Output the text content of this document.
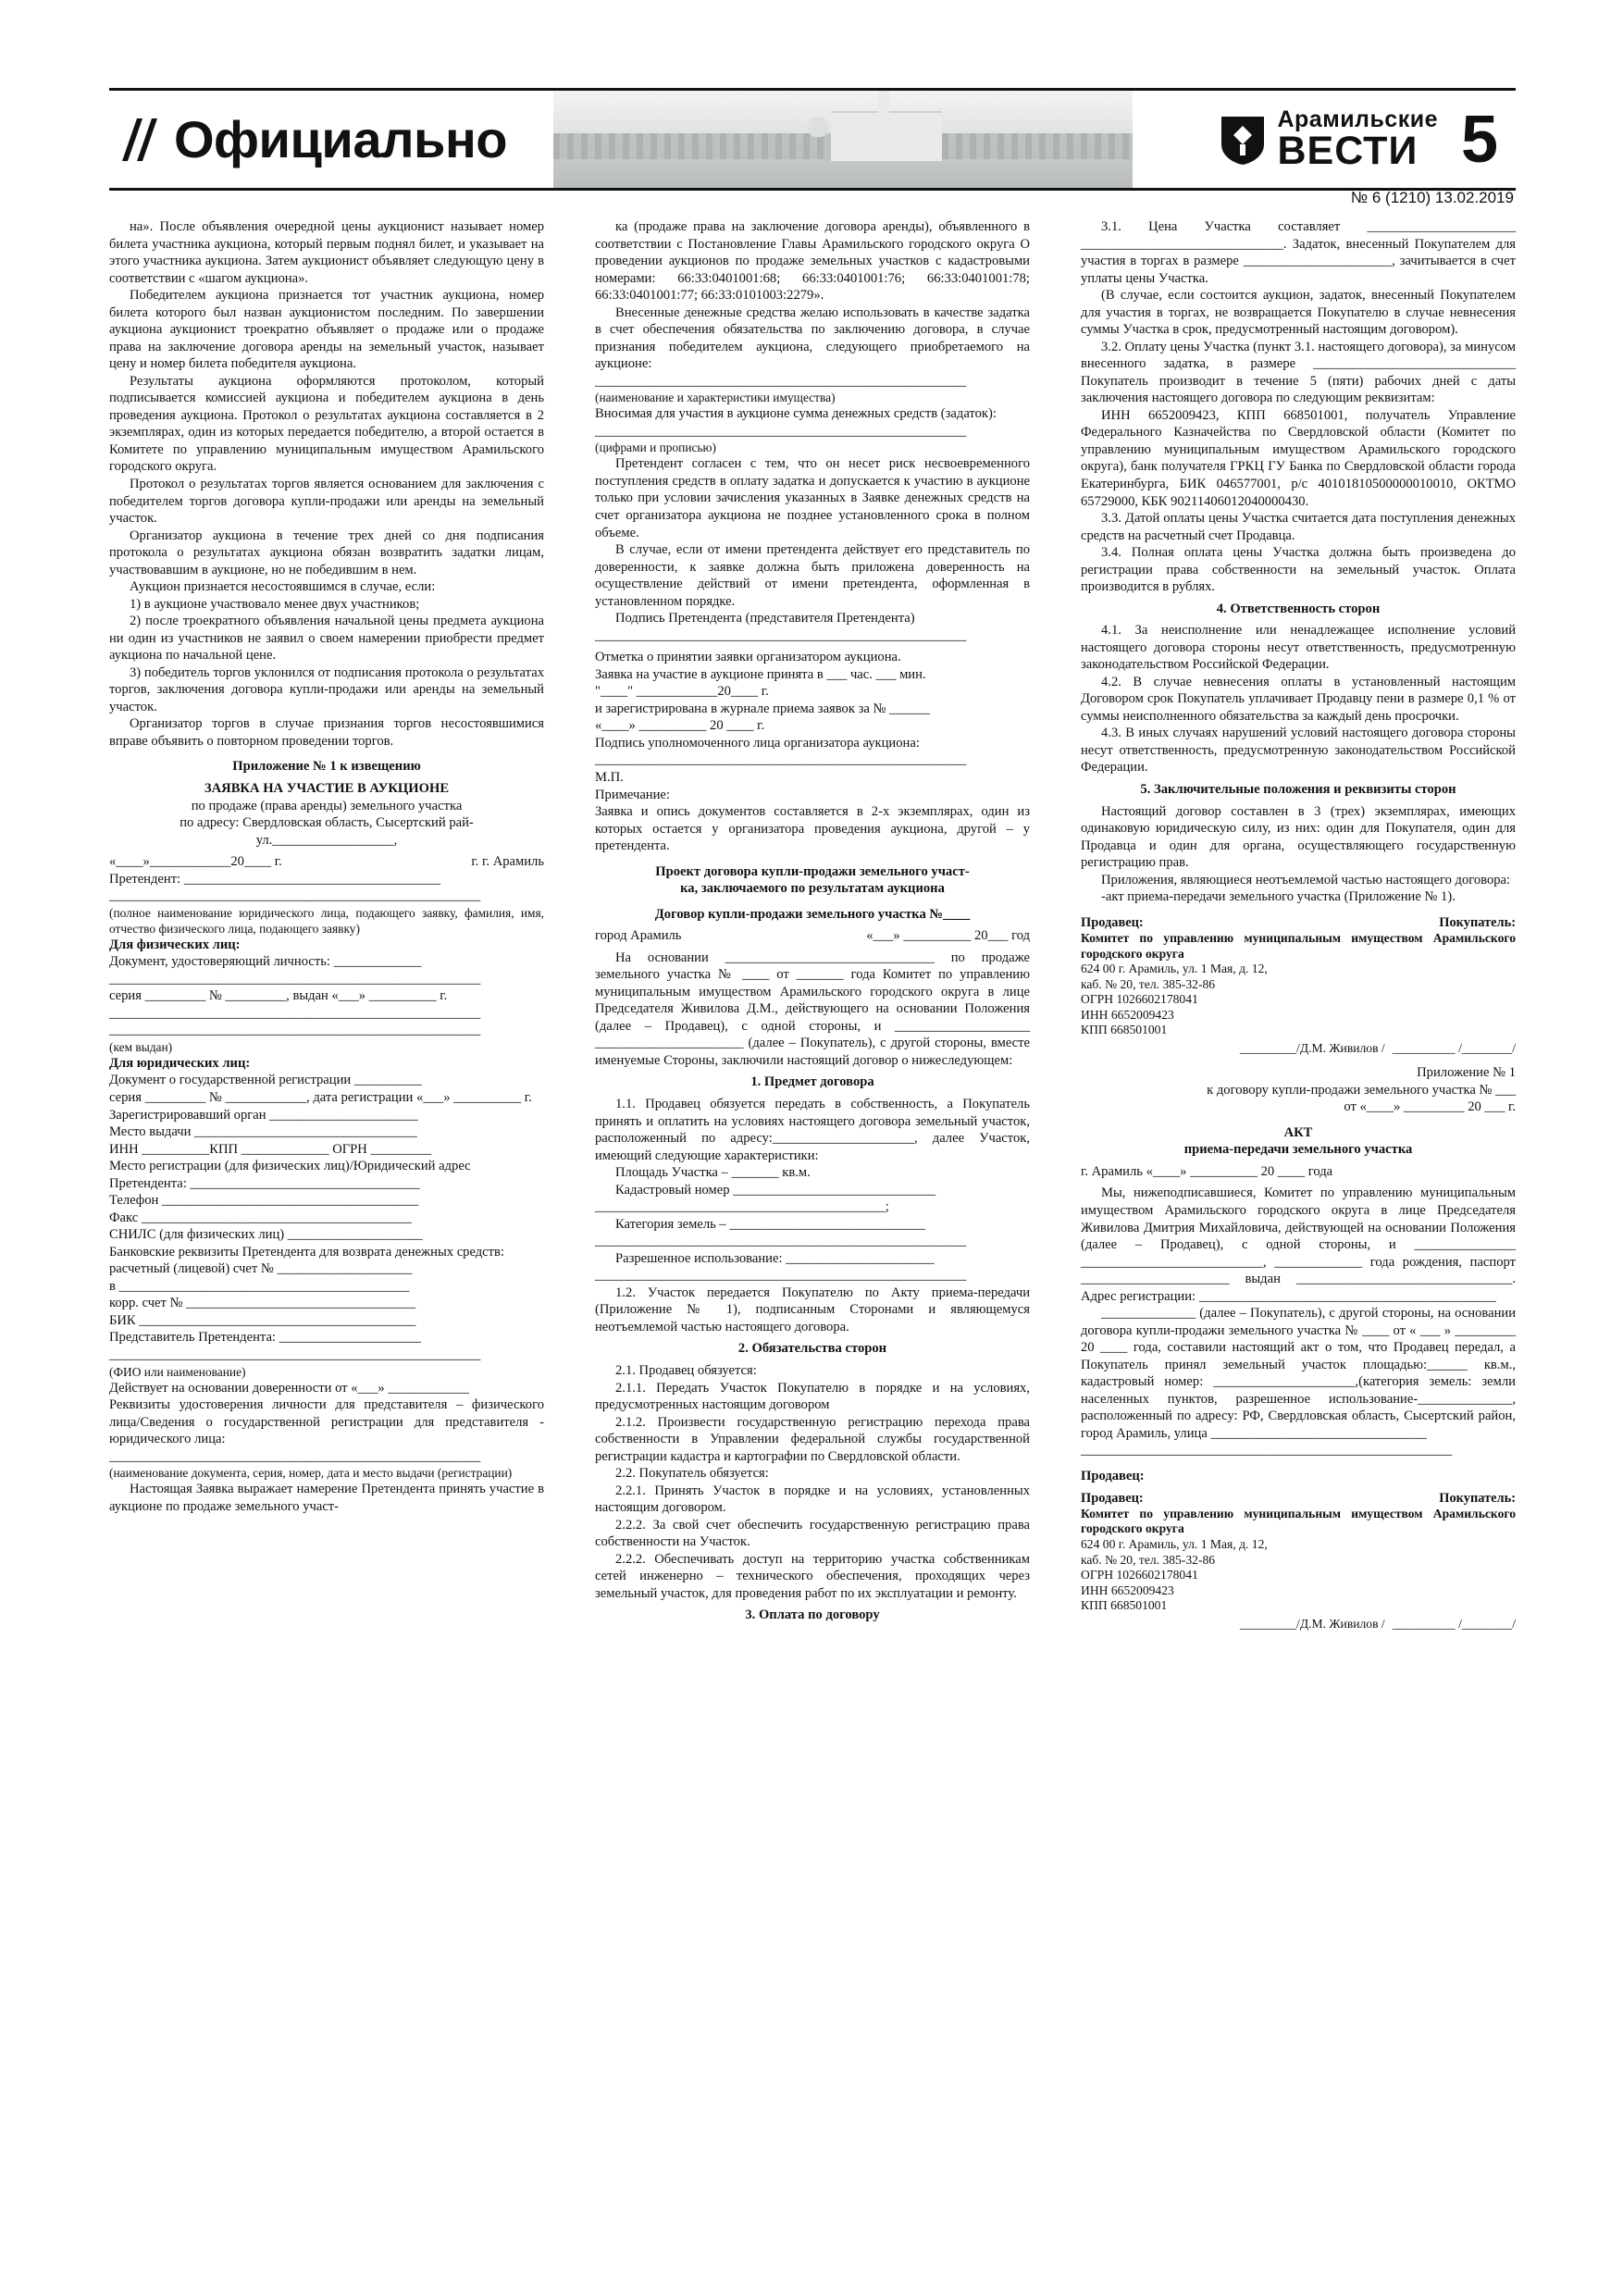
Официально	Арамильские
ВЕСТИ 5
№ 6 (1210) 13.02.2019

на». После объявления очередной цены аукционист называет номер билета участника аукциона, который первым поднял билет, и указывает на этого участника аукциона. Затем аукционист объявляет следующую цену в соответствии с «шагом аукциона».

Победителем аукциона признается тот участник аукциона, номер билета которого был назван аукционистом последним. По завершении аукциона аукционист троекратно объявляет о продаже или о продаже права на заключение договора аренды на земельный участок, называет цену и номер билета победителя аукциона.

Результаты аукциона оформляются протоколом, который подписывается комиссией аукциона и победителем аукциона в день проведения аукциона. Протокол о результатах аукциона составляется в 2 экземплярах, один из которых передается победителю, а второй остается в Комитете по управлению муниципальным имуществом Арамильского городского округа.

Протокол о результатах торгов является основанием для заключения с победителем торгов договора купли-продажи или аренды на земельный участок.

Организатор аукциона в течение трех дней со дня подписания протокола о результатах аукциона обязан возвратить задатки лицам, участвовавшим в аукционе, но не победившим в нем.

Аукцион признается несостоявшимся в случае, если:

1) в аукционе участвовало менее двух участников;

2) после троекратного объявления начальной цены предмета аукциона ни один из участников не заявил о своем намерении приобрести предмет аукциона по начальной цене.

3) победитель торгов уклонился от подписания протокола о результатах торгов, заключения договора купли-продажи или аренды на земельный участок.

Организатор торгов в случае признания торгов несостоявшимися вправе объявить о повторном проведении торгов.

Приложение № 1 к извещению

ЗАЯВКА НА УЧАСТИЕ В АУКЦИОНЕ

по продаже (права аренды) земельного участка

по адресу: Свердловская область, Сысертский рай-

ул.__________________,

«____»____________20____ г.	г. г. Арамиль

Претендент: ______________________________________

_______________________________________________________

(полное наименование юридического лица, подающего заявку, фамилия, имя, отчество физического лица, подающего заявку)

Для физических лиц:

Документ, удостоверяющий личность: _____________

_______________________________________________________

серия _________ № _________, выдан «___» __________ г.

_______________________________________________________

_______________________________________________________

(кем выдан)

Для юридических лиц:

Документ о государственной регистрации __________

серия _________ № ____________, дата регистрации «___» __________ г.

Зарегистрировавший орган ______________________

Место выдачи _________________________________

ИНН __________КПП _____________ ОГРН _________

Место регистрации (для физических лиц)/Юридический адрес

Претендента: __________________________________

Телефон ______________________________________

Факс ________________________________________

СНИЛС (для физических лиц) ____________________

Банковские реквизиты Претендента для возврата денежных средств:

расчетный (лицевой) счет № ____________________

в ___________________________________________

корр. счет № __________________________________

БИК _________________________________________

Представитель Претендента: _____________________

_______________________________________________________

(ФИО или наименование)

Действует на основании доверенности от «___» ____________

Реквизиты удостоверения личности для представителя – физического лица/Сведения о государственной регистрации для представителя - юридического лица:

_______________________________________________________

(наименование документа, серия, номер, дата и место выдачи (регистрации)

Настоящая Заявка выражает намерение Претендента принять участие в аукционе по продаже земельного участ-

ка (продаже права на заключение договора аренды), объявленного в соответствии с Постановление Главы Арамильского городского округа О проведении аукционов по продаже земельных участков с кадастровыми номерами: 66:33:0401001:68; 66:33:0401001:76; 66:33:0401001:78; 66:33:0401001:77; 66:33:0101003:2279».

Внесенные денежные средства желаю использовать в качестве задатка в счет обеспечения обязательства по заключению договора, в случае признания победителем аукциона, следующего приобретаемого на аукционе:

_______________________________________________________

(наименование и характеристики имущества)

Вносимая для участия в аукционе сумма денежных средств (задаток):

_______________________________________________________

(цифрами и прописью)

Претендент согласен с тем, что он несет риск несвоевременного поступления средств в оплату задатка и допускается к участию в аукционе только при условии зачисления указанных в Заявке денежных средств на счет организатора аукциона не позднее установленного срока в полном объеме.

В случае, если от имени претендента действует его представитель по доверенности, к заявке должна быть приложена доверенность на осуществление действий от имени претендента, оформленная в установленном порядке.

Подпись Претендента (представителя Претендента)

_______________________________________________________

Отметка о принятии заявки организатором аукциона.

Заявка на участие в аукционе принята в ___ час. ___ мин.

"____" ____________20____ г.

и зарегистрирована в журнале приема заявок за № ______

«____» __________ 20 ____ г.

Подпись уполномоченного лица организатора аукциона:

_______________________________________________________

М.П.

Примечание:

Заявка и опись документов составляется в 2-х экземплярах, один из которых остается у организатора проведения аукциона, другой – у претендента.

Проект договора купли-продажи земельного участ-

ка, заключаемого по результатам аукциона

Договор купли-продажи земельного участка №____

город Арамиль	«___» __________ 20___ год

На основании _______________________________ по продаже земельного участка № ____ от _______ года Комитет по управлению муниципальным имуществом Арамильского городского округа в лице Председателя Живилова Д.М., действующего на основании Положения (далее – Продавец), с одной стороны, и ____________________ ______________________ (далее – Покупатель), с другой стороны, вместе именуемые Стороны, заключили настоящий договор о нижеследующем:

1. Предмет договора

1.1. Продавец обязуется передать в собственность, а Покупатель принять и оплатить на условиях настоящего договора земельный участок, расположенный по адресу:_____________________, далее Участок, имеющий следующие характеристики:

Площадь Участка – _______ кв.м.

Кадастровый номер ______________________________

___________________________________________;

Категория земель – _____________________________

_______________________________________________________

Разрешенное использование: ______________________

_______________________________________________________

1.2. Участок передается Покупателю по Акту приема-передачи (Приложение № 1), подписанным Сторонами и являющемуся неотъемлемой частью настоящего договора.

2. Обязательства сторон

2.1. Продавец обязуется:

2.1.1. Передать Участок Покупателю в порядке и на условиях, предусмотренных настоящим договором

2.1.2. Произвести государственную регистрацию перехода права собственности в Управлении федеральной службы государственной регистрации кадастра и картографии по Свердловской области.

2.2. Покупатель обязуется:

2.2.1. Принять Участок в порядке и на условиях, установленных настоящим договором.

2.2.2. За свой счет обеспечить государственную регистрацию права собственности на Участок.

2.2.2. Обеспечивать доступ на территорию участка собственникам сетей инженерно – технического обеспечения, проходящих через земельный участок, для проведения работ по их эксплуатации и ремонту.

3. Оплата по договору

3.1. Цена Участка составляет ______________________ ______________________________. Задаток, внесенный Покупателем для участия в торгах в размере ______________________, зачитывается в счет уплаты цены Участка.

(В случае, если состоится аукцион, задаток, внесенный Покупателем для участия в торгах, не возвращается Покупателю в случае невнесения суммы Участка в срок, предусмотренный настоящим договором).

3.2. Оплату цены Участка (пункт 3.1. настоящего договора), за минусом внесенного задатка, в размере ______________________________ Покупатель производит в течение 5 (пяти) рабочих дней с даты заключения настоящего договора по следующим реквизитам:

ИНН 6652009423, КПП 668501001, получатель Управление Федерального Казначейства по Свердловской области (Комитет по управлению муниципальным имуществом Арамильского городского округа), банк получателя ГРКЦ ГУ Банка по Свердловской области города Екатеринбурга, БИК 046577001, р/с 40101810500000010010, ОКТМО 65729000, КБК 90211406012040000430.

3.3. Датой оплаты цены Участка считается дата поступления денежных средств на расчетный счет Продавца.

3.4. Полная оплата цены Участка должна быть произведена до регистрации права собственности на земельный участок. Оплата производится в рублях.

4. Ответственность сторон

4.1. За неисполнение или ненадлежащее исполнение условий настоящего договора стороны несут ответственность, предусмотренную законодательством Российской Федерации.

4.2. В случае невнесения оплаты в установленный настоящим Договором срок Покупатель уплачивает Продавцу пени в размере 0,1 % от суммы неисполненного обязательства за каждый день просрочки.

4.3. В иных случаях нарушений условий настоящего договора стороны несут ответственность, предусмотренную законодательством Российской Федерации.

5. Заключительные положения и реквизиты сторон

Настоящий договор составлен в 3 (трех) экземплярах, имеющих одинаковую юридическую силу, из них: один для Покупателя, один для Продавца и один для органа, осуществляющего государственную регистрацию прав.

Приложения, являющиеся неотъемлемой частью настоящего договора:

-акт приема-передачи земельного участка (Приложение № 1).

Продавец:	Покупатель:

Комитет по управлению муниципальным имуществом Арамильского городского округа

624 00 г. Арамиль, ул. 1 Мая, д. 12,

каб. № 20, тел. 385-32-86

ОГРН 1026602178041

ИНН 6652009423

КПП 668501001

_________/Д.М. Живилов / __________ /________/

Приложение № 1

к договору купли-продажи земельного участка № ___

от «____» _________ 20 ___ г.

АКТ

приема-передачи земельного участка

г. Арамиль «____» __________ 20 ____ года

Мы, нижеподписавшиеся, Комитет по управлению муниципальным имуществом Арамильского городского округа в лице Председателя Живилова Дмитрия Михайловича, действующей на основании Положения (далее – Продавец), с одной стороны, и _______________ ___________________________, _____________ года рождения, паспорт ______________________ выдан ________________________________. Адрес регистрации: ____________________________________________

______________ (далее – Покупатель), с другой стороны, на основании договора купли-продажи земельного участка № ____ от « ___ » _________ 20 ____ года, составили настоящий акт о том, что Продавец передал, а Покупатель принял земельный участок площадью:______ кв.м., кадастровый номер: _____________________,(категория земель: земли населенных пунктов, разрешенное использование-______________, расположенный по адресу: РФ, Свердловская область, Сысертский район, город Арамиль, улица ________________________________

_______________________________________________________

Продавец:

Продавец:	Покупатель:

Комитет по управлению муниципальным имуществом Арамильского городского округа

624 00 г. Арамиль, ул. 1 Мая, д. 12,

каб. № 20, тел. 385-32-86

ОГРН 1026602178041

ИНН 6652009423

КПП 668501001

_________/Д.М. Живилов / __________ /________/
